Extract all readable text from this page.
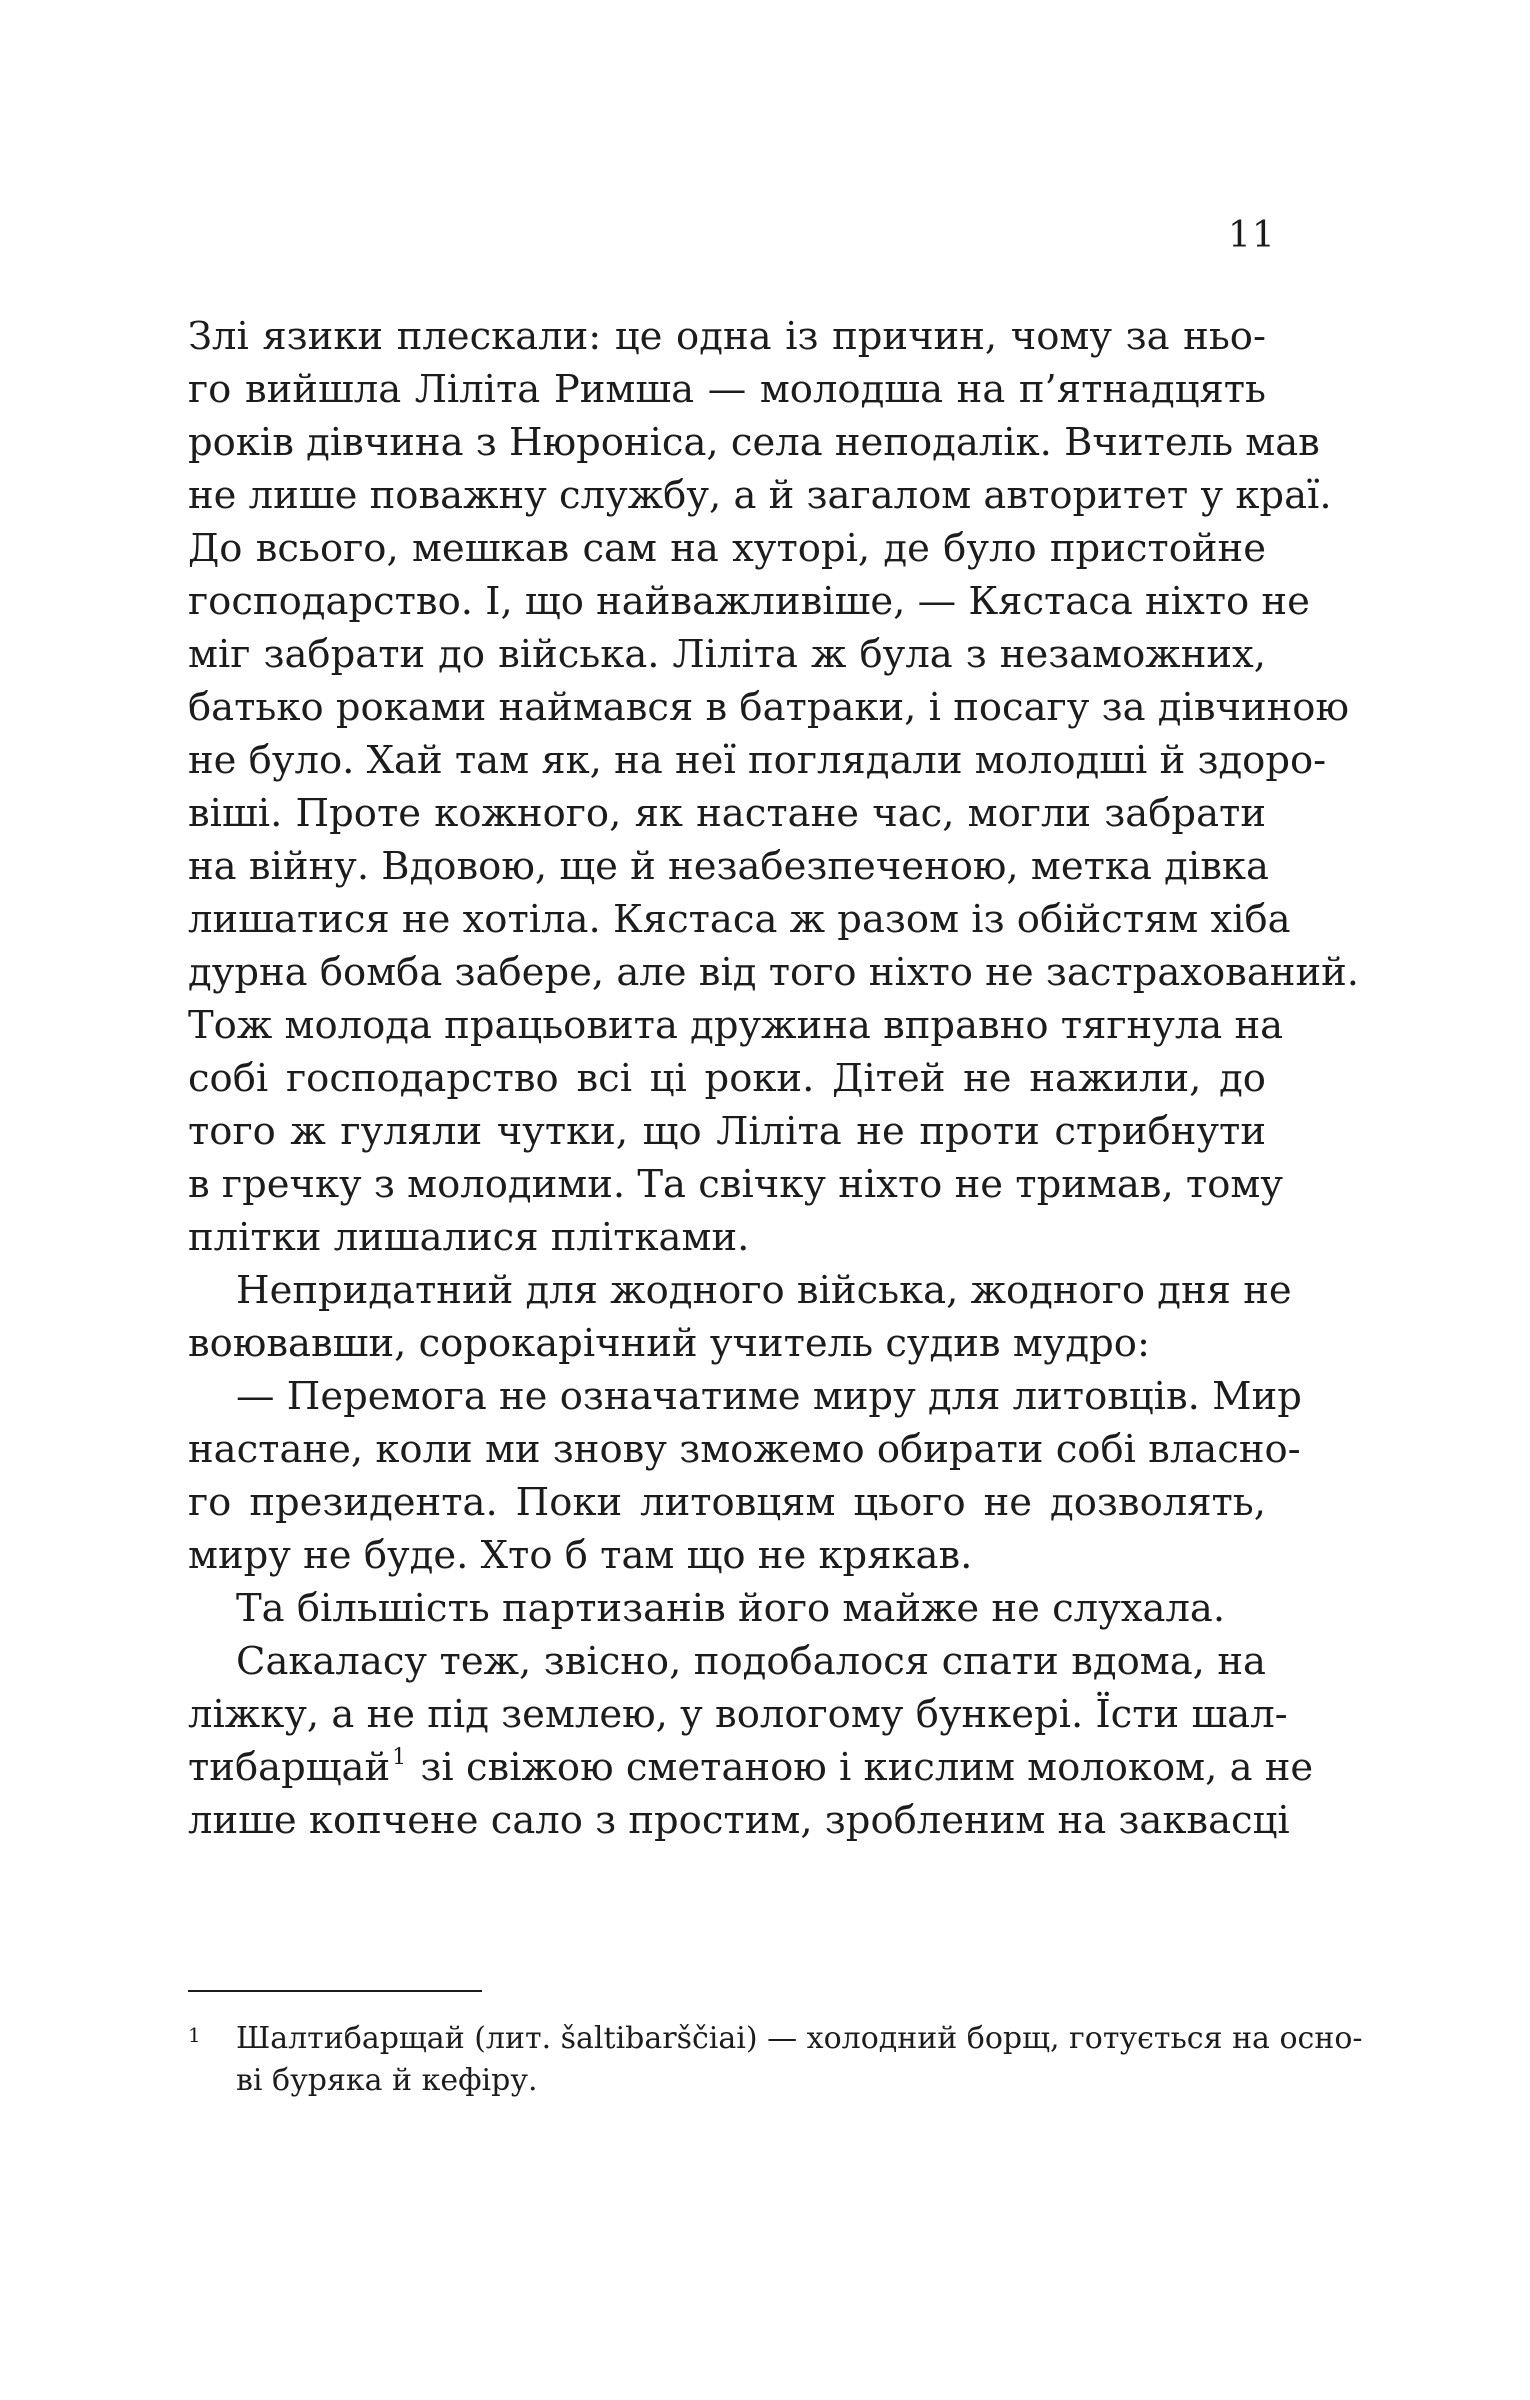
11
Злі язики плескали: це одна із причин, чому за ньо-
го вийшла Ліліта Римша — молодша на п’ятнадцять
років дівчина з Нюроніса, села неподалік. Вчитель мав
не лише поважну службу, а й загалом авторитет у краї.
До всього, мешкав сам на хуторі, де було пристойне
господарство. І, що найважливіше, — Кястаса ніхто не
міг забрати до війська. Ліліта ж була з незаможних,
батько роками наймався в батраки, і посагу за дівчиною
не було. Хай там як, на неї поглядали молодші й здоро-
віші. Проте кожного, як настане час, могли забрати
на війну. Вдовою, ще й незабезпеченою, метка дівка
лишатися не хотіла. Кястаса ж разом із обійстям хіба
дурна бомба забере, але від того ніхто не застрахований.
Тож молода працьовита дружина вправно тягнула на
собі господарство всі ці роки. Дітей не нажили, до
того ж гуляли чутки, що Ліліта не проти стрибнути
в гречку з молодими. Та свічку ніхто не тримав, тому
плітки лишалися плітками.
Непридатний для жодного війська, жодного дня не
воювавши, сорокарічний учитель судив мудро:
— Перемога не означатиме миру для литовців. Мир
настане, коли ми знову зможемо обирати собі власно-
го президента. Поки литовцям цього не дозволять,
миру не буде. Хто б там що не крякав.
Та більшість партизанів його майже не слухала.
Сакаласу теж, звісно, подобалося спати вдома, на
ліжку, а не під землею, у вологому бункері. Їсти шал-
тибарщай$^1$ зі свіжою сметаною і кислим молоком, а не
лише копчене сало з простим, зробленим на заквасці
1 Шалтибарщай (лит. šaltibarščiai) — холодний борщ, готується на осно-
ві буряка й кефіру.
